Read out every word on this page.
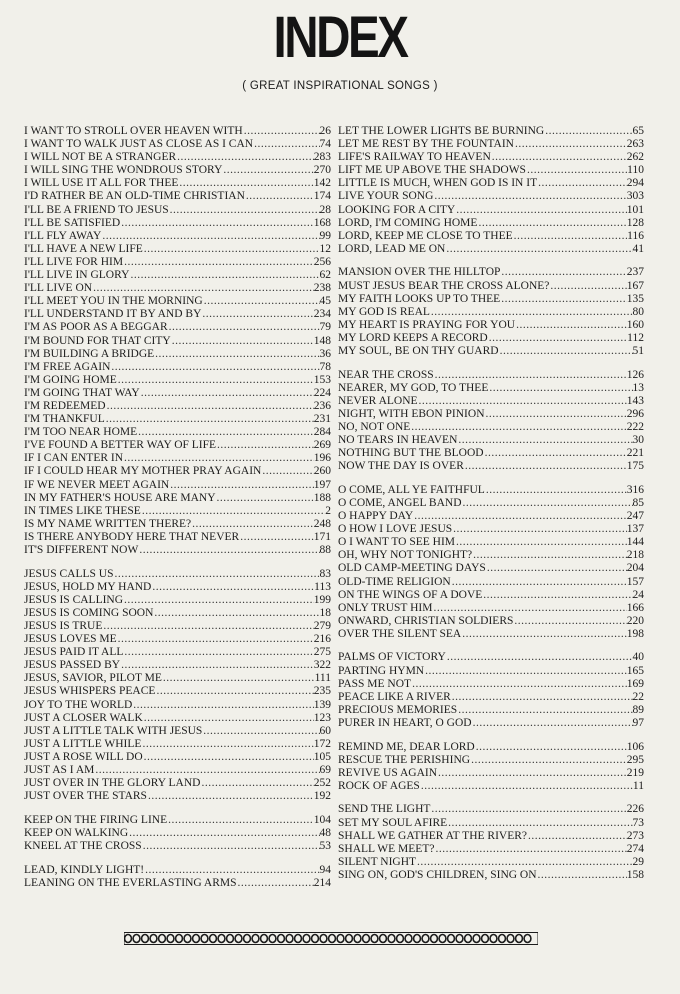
INDEX
( GREAT INSPIRATIONAL SONGS )
I WANT TO STROLL OVER HEAVEN WITH .....	26
I WANT TO WALK JUST AS CLOSE AS I CAN .....	74
I WILL NOT BE A STRANGER .....	283
I WILL SING THE WONDROUS STORY .....	270
I WILL USE IT ALL FOR THEE .....	142
I'D RATHER BE AN OLD-TIME CHRISTIAN .....	174
I'LL BE A FRIEND TO JESUS .....	28
I'LL BE SATISFIED .....	168
I'LL FLY AWAY .....	99
I'LL HAVE A NEW LIFE .....	12
I'LL LIVE FOR HIM .....	256
I'LL LIVE IN GLORY .....	62
I'LL LIVE ON .....	238
I'LL MEET YOU IN THE MORNING .....	45
I'LL UNDERSTAND IT BY AND BY .....	234
I'M AS POOR AS A BEGGAR .....	79
I'M BOUND FOR THAT CITY .....	148
I'M BUILDING A BRIDGE .....	36
I'M FREE AGAIN .....	78
I'M GOING HOME .....	153
I'M GOING THAT WAY .....	224
I'M REDEEMED .....	236
I'M THANKFUL .....	231
I'M TOO NEAR HOME .....	284
I'VE FOUND A BETTER WAY OF LIFE .....	269
IF I CAN ENTER IN .....	196
IF I COULD HEAR MY MOTHER PRAY AGAIN .....	260
IF WE NEVER MEET AGAIN .....	197
IN MY FATHER'S HOUSE ARE MANY .....	188
IN TIMES LIKE THESE .....	2
IS MY NAME WRITTEN THERE? .....	248
IS THERE ANYBODY HERE THAT NEVER .....	171
IT'S DIFFERENT NOW .....	88
JESUS CALLS US .....	83
JESUS, HOLD MY HAND .....	113
JESUS IS CALLING .....	199
JESUS IS COMING SOON .....	18
JESUS IS TRUE .....	279
JESUS LOVES ME .....	216
JESUS PAID IT ALL .....	275
JESUS PASSED BY .....	322
JESUS, SAVIOR, PILOT ME .....	111
JESUS WHISPERS PEACE .....	235
JOY TO THE WORLD .....	139
JUST A CLOSER WALK .....	123
JUST A LITTLE TALK WITH JESUS .....	60
JUST A LITTLE WHILE .....	172
JUST A ROSE WILL DO .....	105
JUST AS I AM .....	69
JUST OVER IN THE GLORY LAND .....	252
JUST OVER THE STARS .....	192
KEEP ON THE FIRING LINE .....	104
KEEP ON WALKING .....	48
KNEEL AT THE CROSS .....	53
LEAD, KINDLY LIGHT! .....	94
LEANING ON THE EVERLASTING ARMS .....	214
LET THE LOWER LIGHTS BE BURNING .....	65
LET ME REST BY THE FOUNTAIN .....	263
LIFE'S RAILWAY TO HEAVEN .....	262
LIFT ME UP ABOVE THE SHADOWS .....	110
LITTLE IS MUCH, WHEN GOD IS IN IT .....	294
LIVE YOUR SONG .....	303
LOOKING FOR A CITY .....	101
LORD, I'M COMING HOME .....	128
LORD, KEEP ME CLOSE TO THEE .....	116
LORD, LEAD ME ON .....	41
MANSION OVER THE HILLTOP .....	237
MUST JESUS BEAR THE CROSS ALONE? .....	167
MY FAITH LOOKS UP TO THEE .....	135
MY GOD IS REAL .....	80
MY HEART IS PRAYING FOR YOU .....	160
MY LORD KEEPS A RECORD .....	112
MY SOUL, BE ON THY GUARD .....	51
NEAR THE CROSS .....	126
NEARER, MY GOD, TO THEE .....	13
NEVER ALONE .....	143
NIGHT, WITH EBON PINION .....	296
NO, NOT ONE .....	222
NO TEARS IN HEAVEN .....	30
NOTHING BUT THE BLOOD .....	221
NOW THE DAY IS OVER .....	175
O COME, ALL YE FAITHFUL .....	316
O COME, ANGEL BAND .....	85
O HAPPY DAY .....	247
O HOW I LOVE JESUS .....	137
O I WANT TO SEE HIM .....	144
OH, WHY NOT TONIGHT? .....	218
OLD CAMP-MEETING DAYS .....	204
OLD-TIME RELIGION .....	157
ON THE WINGS OF A DOVE .....	24
ONLY TRUST HIM .....	166
ONWARD, CHRISTIAN SOLDIERS .....	220
OVER THE SILENT SEA .....	198
PALMS OF VICTORY .....	40
PARTING HYMN .....	165
PASS ME NOT .....	169
PEACE LIKE A RIVER .....	22
PRECIOUS MEMORIES .....	89
PURER IN HEART, O GOD .....	97
REMIND ME, DEAR LORD .....	106
RESCUE THE PERISHING .....	295
REVIVE US AGAIN .....	219
ROCK OF AGES .....	11
SEND THE LIGHT .....	226
SET MY SOUL AFIRE .....	73
SHALL WE GATHER AT THE RIVER? .....	273
SHALL WE MEET? .....	274
SILENT NIGHT .....	29
SING ON, GOD'S CHILDREN, SING ON .....	158
